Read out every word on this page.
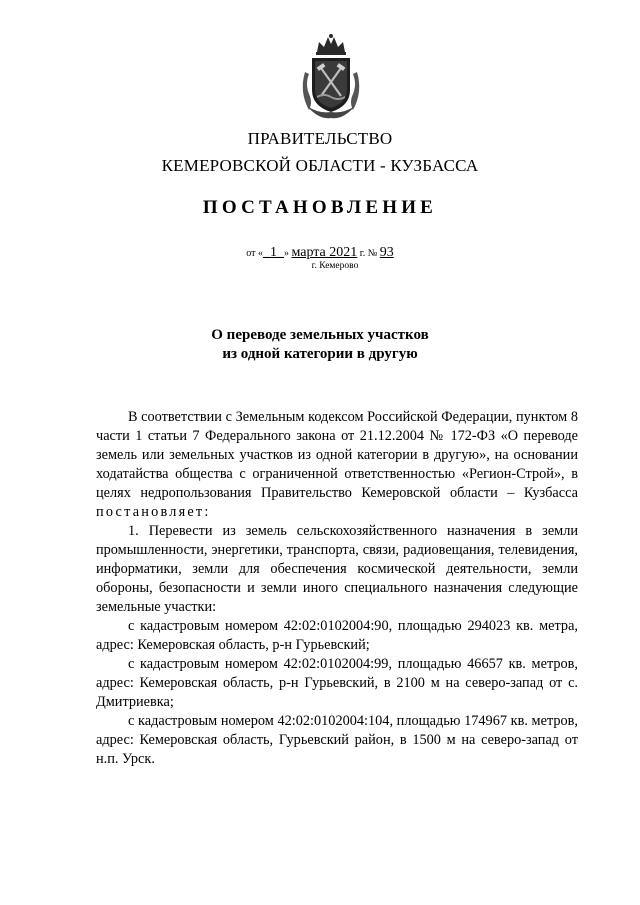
ПРАВИТЕЛЬСТВО
КЕМЕРОВСКОЙ ОБЛАСТИ - КУЗБАССА
ПОСТАНОВЛЕНИЕ
от «_1_» марта 2021 г. № 93
г. Кемерово
О переводе земельных участков
из одной категории в другую

В соответствии с Земельным кодексом Российской Федерации, пунктом 8 части 1 статьи 7 Федерального закона от 21.12.2004 № 172-ФЗ «О переводе земель или земельных участков из одной категории в другую», на основании ходатайства общества с ограниченной ответственностью «Регион-Строй», в целях недропользования Правительство Кемеровской области – Кузбасса постановляет:

1. Перевести из земель сельскохозяйственного назначения в земли промышленности, энергетики, транспорта, связи, радиовещания, телевидения, информатики, земли для обеспечения космической деятельности, земли обороны, безопасности и земли иного специального назначения следующие земельные участки:

с кадастровым номером 42:02:0102004:90, площадью 294023 кв. метра, адрес: Кемеровская область, р-н Гурьевский;

с кадастровым номером 42:02:0102004:99, площадью 46657 кв. метров, адрес: Кемеровская область, р-н Гурьевский, в 2100 м на северо-запад от с. Дмитриевка;

с кадастровым номером 42:02:0102004:104, площадью 174967 кв. метров, адрес: Кемеровская область, Гурьевский район, в 1500 м на северо-запад от н.п. Урск.
